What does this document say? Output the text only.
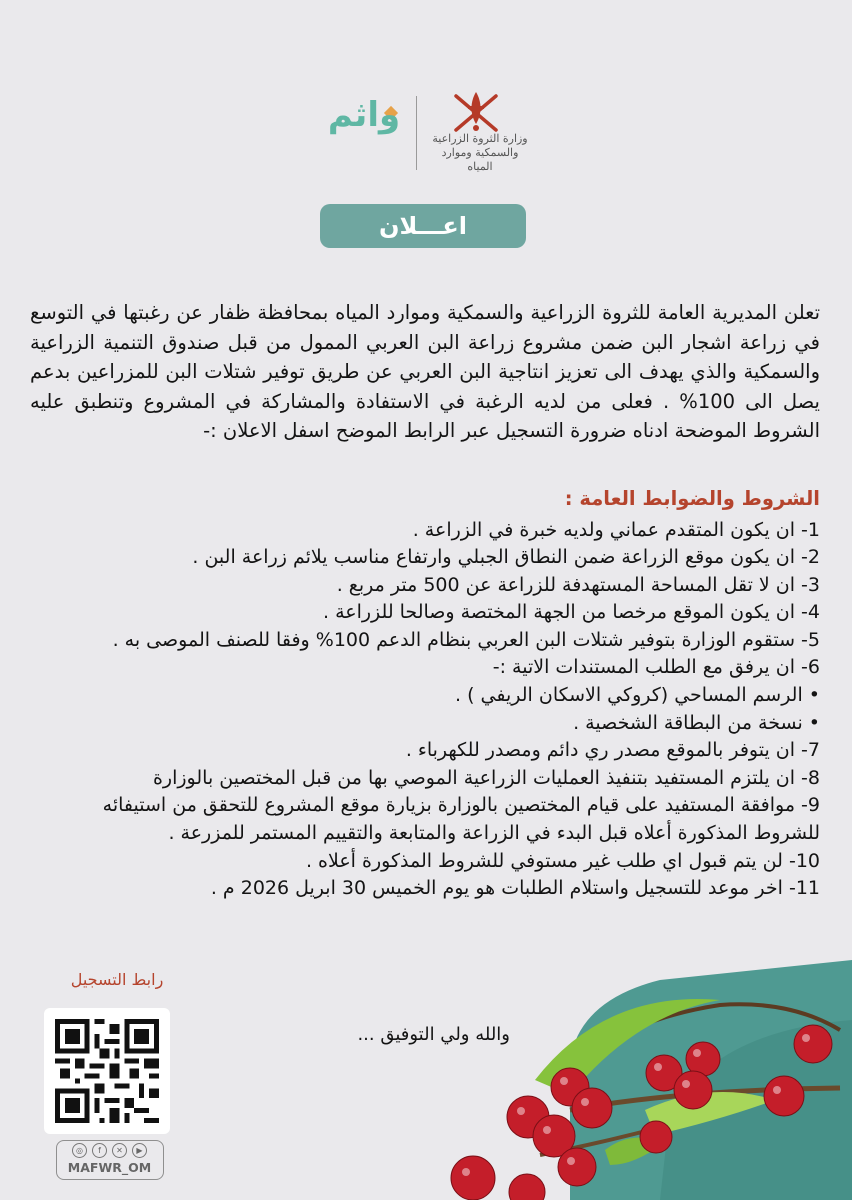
وزارة الثروة الزراعية
والسمكية وموارد المياه
واثم
اعـــلان

تعلن المديرية العامة للثروة الزراعية والسمكية وموارد المياه بمحافظة ظفار عن رغبتها في التوسع في زراعة اشجار البن ضمن مشروع زراعة البن العربي الممول من قبل صندوق التنمية الزراعية والسمكية والذي يهدف الى تعزيز انتاجية البن العربي عن طريق توفير شتلات البن للمزراعين بدعم يصل الى 100% . فعلى من لديه الرغبة في الاستفادة والمشاركة في المشروع وتنطبق عليه الشروط الموضحة ادناه ضرورة التسجيل عبر الرابط الموضح اسفل الاعلان :-

الشروط والضوابط العامة :
1- ان يكون المتقدم عماني ولديه خبرة في الزراعة .
2- ان يكون موقع الزراعة ضمن النطاق الجبلي وارتفاع مناسب يلائم زراعة البن .
3- ان لا تقل المساحة المستهدفة للزراعة عن 500 متر مربع .
4- ان يكون الموقع مرخصا من الجهة المختصة وصالحا للزراعة .
5- ستقوم الوزارة بتوفير شتلات البن العربي بنظام الدعم 100% وفقا للصنف الموصى به .
6- ان يرفق مع الطلب المستندات الاتية :-
• الرسم المساحي (كروكي الاسكان الريفي ) .
• نسخة من البطاقة الشخصية .
7- ان يتوفر بالموقع مصدر ري دائم ومصدر للكهرباء .
8- ان يلتزم المستفيد بتنفيذ العمليات الزراعية الموصي بها من قبل المختصين بالوزارة
9- موافقة المستفيد على قيام المختصين بالوزارة بزيارة موقع المشروع للتحقق من استيفائه
للشروط المذكورة أعلاه قبل البدء في الزراعة والمتابعة والتقييم المستمر للمزرعة .
10- لن يتم قبول اي طلب غير مستوفي للشروط المذكورة أعلاه .
11- اخر موعد للتسجيل واستلام الطلبات هو يوم الخميس 30 ابريل 2026 م .
رابط التسجيل
◎	f	✕	▶
MAFWR_OM
والله ولي التوفيق ...
